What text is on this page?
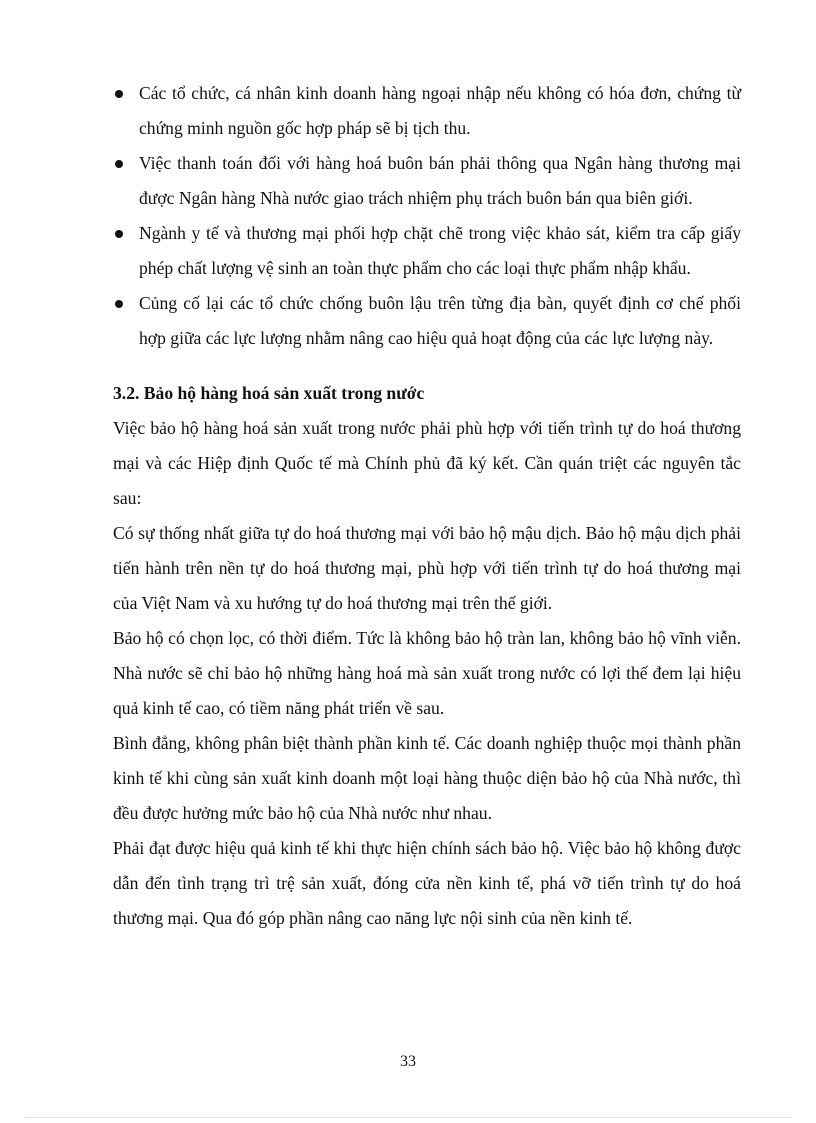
Các tổ chức, cá nhân kinh doanh hàng ngoại nhập nếu không có hóa đơn, chứng từ chứng minh nguồn gốc hợp pháp sẽ bị tịch thu.
Việc thanh toán đối với hàng hoá buôn bán phải thông qua Ngân hàng thương mại được Ngân hàng Nhà nước giao trách nhiệm phụ trách buôn bán qua biên giới.
Ngành y tế và thương mại phối hợp chặt chẽ trong việc khảo sát, kiểm tra cấp giấy phép chất lượng vệ sinh an toàn thực phẩm cho các loại thực phẩm nhập khẩu.
Củng cố lại các tổ chức chống buôn lậu trên từng địa bàn, quyết định cơ chế phối hợp giữa các lực lượng nhằm nâng cao hiệu quả hoạt động của các lực lượng này.
3.2. Bảo hộ hàng hoá sản xuất trong nước

Việc bảo hộ hàng hoá sản xuất trong nước phải phù hợp với tiến trình tự do hoá thương mại và các Hiệp định Quốc tế mà Chính phủ đã ký kết. Cần quán triệt các nguyên tắc sau:

Có sự thống nhất giữa tự do hoá thương mại với bảo hộ mậu dịch. Bảo hộ mậu dịch phải tiến hành trên nền tự do hoá thương mại, phù hợp với tiến trình tự do hoá thương mại của Việt Nam và xu hướng tự do hoá thương mại trên thế giới.

Bảo hộ có chọn lọc, có thời điểm. Tức là không bảo hộ tràn lan, không bảo hộ vĩnh viễn. Nhà nước sẽ chỉ bảo hộ những hàng hoá mà sản xuất trong nước có lợi thế đem lại hiệu quả kinh tế cao, có tiềm năng phát triển về sau.

Bình đẳng, không phân biệt thành phần kinh tế. Các doanh nghiệp thuộc mọi thành phần kinh tế khi cùng sản xuất kinh doanh một loại hàng thuộc diện bảo hộ của Nhà nước, thì đều được hưởng mức bảo hộ của Nhà nước như nhau.

Phải đạt được hiệu quả kinh tế khi thực hiện chính sách bảo hộ. Việc bảo hộ không được dẫn đến tình trạng trì trệ sản xuất, đóng cửa nền kinh tế, phá vỡ tiến trình tự do hoá thương mại. Qua đó góp phần nâng cao năng lực nội sinh của nền kinh tế.

33
